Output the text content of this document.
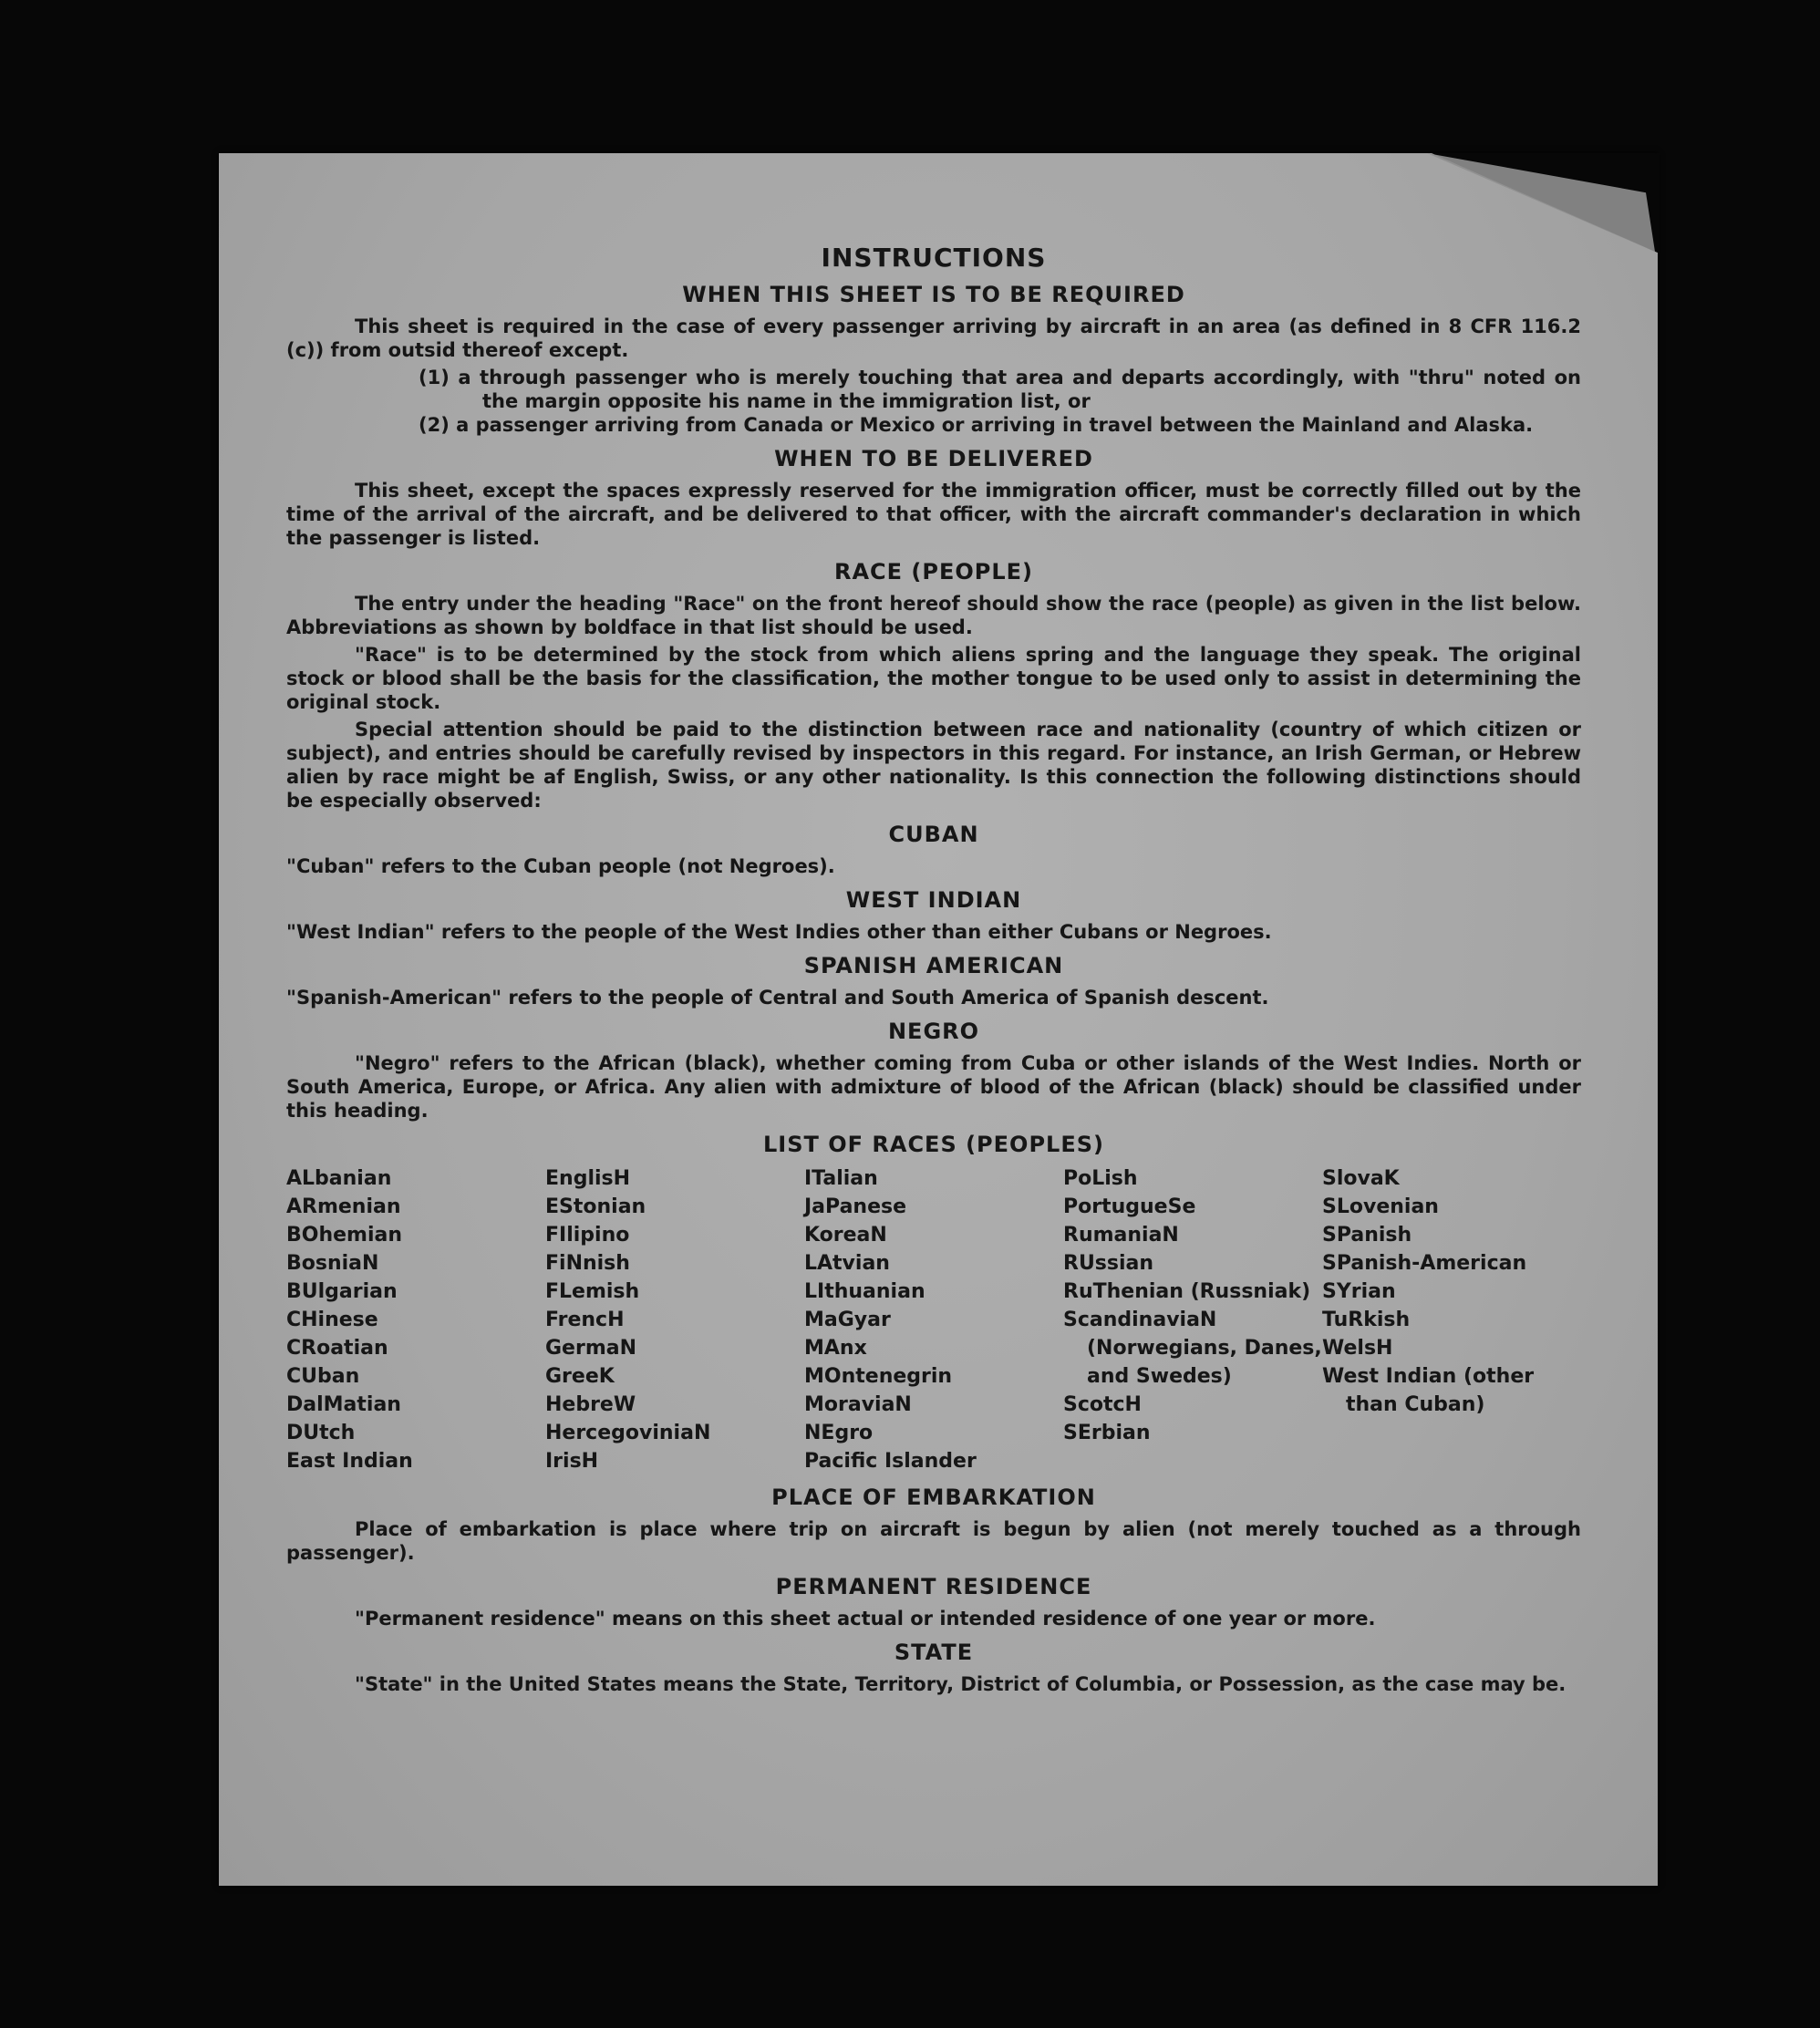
INSTRUCTIONS
WHEN THIS SHEET IS TO BE REQUIRED

This sheet is required in the case of every passenger arriving by aircraft in an area (as defined in 8 CFR 116.2 (c)) from outsid thereof except.

(1) a through passenger who is merely touching that area and departs accordingly, with "thru" noted on the margin opposite his name in the immigration list, or

(2) a passenger arriving from Canada or Mexico or arriving in travel between the Mainland and Alaska.

WHEN TO BE DELIVERED

This sheet, except the spaces expressly reserved for the immigration officer, must be correctly filled out by the time of the arrival of the aircraft, and be delivered to that officer, with the aircraft commander's declaration in which the passenger is listed.

RACE (PEOPLE)

The entry under the heading "Race" on the front hereof should show the race (people) as given in the list below. Abbreviations as shown by boldface in that list should be used.

"Race" is to be determined by the stock from which aliens spring and the language they speak. The original stock or blood shall be the basis for the classification, the mother tongue to be used only to assist in determining the original stock.

Special attention should be paid to the distinction between race and nationality (country of which citizen or subject), and entries should be carefully revised by inspectors in this regard. For instance, an Irish German, or Hebrew alien by race might be af English, Swiss, or any other nationality. Is this connection the following distinctions should be especially observed:

CUBAN

"Cuban" refers to the Cuban people (not Negroes).

WEST INDIAN

"West Indian" refers to the people of the West Indies other than either Cubans or Negroes.

SPANISH AMERICAN

"Spanish-American" refers to the people of Central and South America of Spanish descent.

NEGRO

"Negro" refers to the African (black), whether coming from Cuba or other islands of the West Indies. North or South America, Europe, or Africa. Any alien with admixture of blood of the African (black) should be classified under this heading.

LIST OF RACES (PEOPLES)
ALbanian
ARmenian
BOhemian
BosniaN
BUlgarian
CHinese
CRoatian
CUban
DalMatian
DUtch
East Indian
EnglisH
EStonian
FIlipino
FiNnish
FLemish
FrencH
GermaN
GreeK
HebreW
HercegoviniaN
IrisH
ITalian
JaPanese
KoreaN
LAtvian
LIthuanian
MaGyar
MAnx
MOntenegrin
MoraviaN
NEgro
Pacific Islander
PoLish
PortugueSe
RumaniaN
RUssian
RuThenian (Russniak)
ScandinaviaN (Norwegians, Danes, and Swedes)
ScotcH
SErbian
SlovaK
SLovenian
SPanish
SPanish-American
SYrian
TuRkish
WelsH
West Indian (other than Cuban)
PLACE OF EMBARKATION

Place of embarkation is place where trip on aircraft is begun by alien (not merely touched as a through passenger).

PERMANENT RESIDENCE

"Permanent residence" means on this sheet actual or intended residence of one year or more.

STATE

"State" in the United States means the State, Territory, District of Columbia, or Possession, as the case may be.
